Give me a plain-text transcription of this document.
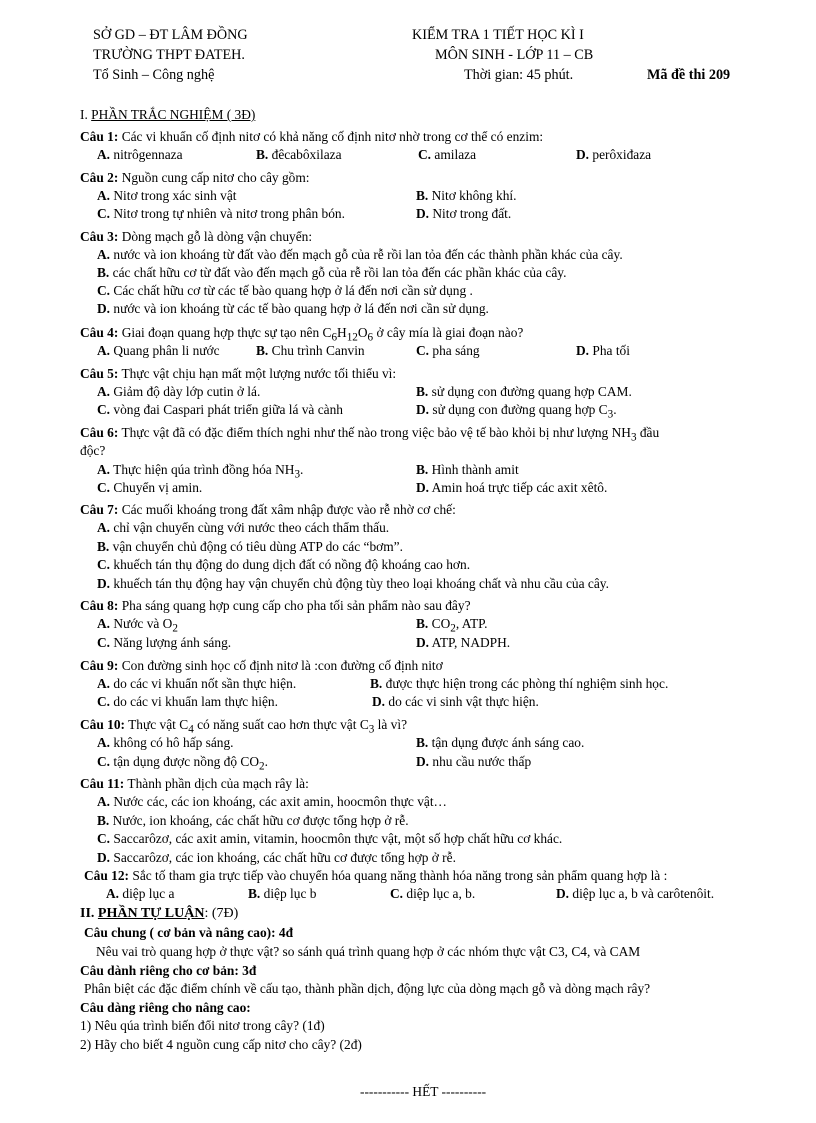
SỞ GD – ĐT LÂM ĐỒNG
TRƯỜNG THPT ĐATEH.
Tổ Sinh – Công nghệ
KIỂM TRA 1 TIẾT HỌC KÌ I
MÔN SINH - LỚP 11 – CB
Thời gian: 45 phút.	Mã đề thi 209
I. PHẦN TRẮC NGHIỆM ( 3Đ)
Câu 1: Các vi khuẩn cố định nitơ có khả năng cố định nitơ nhờ trong cơ thể có enzim:
A. nitrôgennaza	B. đêcabôxilaza	C. amilaza	D. perôxiđaza
Câu 2: Nguồn cung cấp nitơ cho cây gồm:
A. Nitơ trong xác sinh vật	B. Nitơ không khí.
C. Nitơ trong tự nhiên và nitơ trong phân bón.	D. Nitơ trong đất.
Câu 3: Dòng mạch gỗ là dòng vận chuyển:
A. nước và ion khoáng từ đất vào đến mạch gỗ của rễ rồi lan tỏa đến các thành phần khác của cây.
B. các chất hữu cơ từ đất vào đến mạch gỗ của rễ rồi lan tỏa đến các phần khác của cây.
C. Các chất hữu cơ từ các tế bào quang hợp ở lá đến nơi cần sử dụng .
D. nước và ion khoáng từ các tế bào quang hợp ở lá đến nơi cần sử dụng.
Câu 4: Giai đoạn quang hợp thực sự tạo nên $C_6H_{12}O_6$ ở cây mía là giai đoạn nào?
A. Quang phân li nước	B. Chu trình Canvin	C. pha sáng	D. Pha tối
Câu 5: Thực vật chịu hạn mất một lượng nước tối thiểu vì:
A. Giảm độ dày lớp cutin ở lá.	B. sử dụng con đường quang hợp CAM.
C. vòng đai Caspari phát triển giữa lá và cành	D. sử dụng con đường quang hợp $C_3$.
Câu 6: Thực vật đã có đặc điểm thích nghi như thế nào trong việc bảo vệ tế bào khỏi bị như lượng $NH_3$ đầu
độc?
A. Thực hiện qúa trình đồng hóa $NH_3$.	B. Hình thành amit
C. Chuyển vị amin.	D. Amin hoá trực tiếp các axit xêtô.
Câu 7: Các muối khoáng trong đất xâm nhập được vào rễ nhờ cơ chế:
A. chỉ vận chuyển cùng với nước theo cách thẩm thấu.
B. vận chuyển chủ động có tiêu dùng ATP do các “bơm”.
C. khuếch tán thụ động do dung dịch đất có nồng độ khoáng cao hơn.
D. khuếch tán thụ động hay vận chuyển chủ động tùy theo loại khoáng chất và nhu cầu của cây.
Câu 8: Pha sáng quang hợp cung cấp cho pha tối sản phẩm nào sau đây?
A. Nước và $O_2$	B. $CO_2$, ATP.
C. Năng lượng ánh sáng.	D. ATP, NADPH.
Câu 9: Con đường sinh học cố định nitơ là :con đường cố định nitơ
A. do các vi khuẩn nốt sần thực hiện.	B. được thực hiện trong các phòng thí nghiệm sinh học.
C. do các vi khuẩn lam thực hiện.	D. do các vi sinh vật thực hiện.
Câu 10: Thực vật $C_4$ có năng suất cao hơn thực vật $C_3$ là vì?
A. không có hô hấp sáng.	B. tận dụng được ánh sáng cao.
C. tận dụng được nồng độ $CO_2$.	D. nhu cầu nước thấp
Câu 11: Thành phần dịch của mạch rây là:
A. Nước các, các ion khoáng, các axit amin, hoocmôn thực vật…
B. Nước, ion khoáng, các chất hữu cơ được tổng hợp ở rễ.
C. Saccarôzơ, các axit amin, vitamin, hoocmôn thực vật, một số hợp chất hữu cơ khác.
D. Saccarôzơ, các ion khoáng, các chất hữu cơ được tổng hợp ở rễ.
Câu 12: Sắc tố tham gia trực tiếp vào chuyển hóa quang năng thành hóa năng trong sản phẩm quang hợp là :
A. diệp lục a	B. diệp lục b	C. diệp lục a, b.	D. diệp lục a, b và carôtenôit.
II. PHẦN TỰ LUẬN: (7Đ)
Câu chung ( cơ bản và nâng cao): 4đ
Nêu vai trò quang hợp ở thực vật? so sánh quá trình quang hợp ở các nhóm thực vật C3, C4, và CAM
Câu dành riêng cho cơ bản: 3đ
Phân biệt các đặc điểm chính về cấu tạo, thành phần dịch, động lực của dòng mạch gỗ và dòng mạch rây?
Câu dàng riêng cho nâng cao:
1) Nêu qúa trình biến đổi nitơ trong cây? (1đ)
2) Hãy cho biết 4 nguồn cung cấp nitơ cho cây? (2đ)
----------- HẾT ----------
